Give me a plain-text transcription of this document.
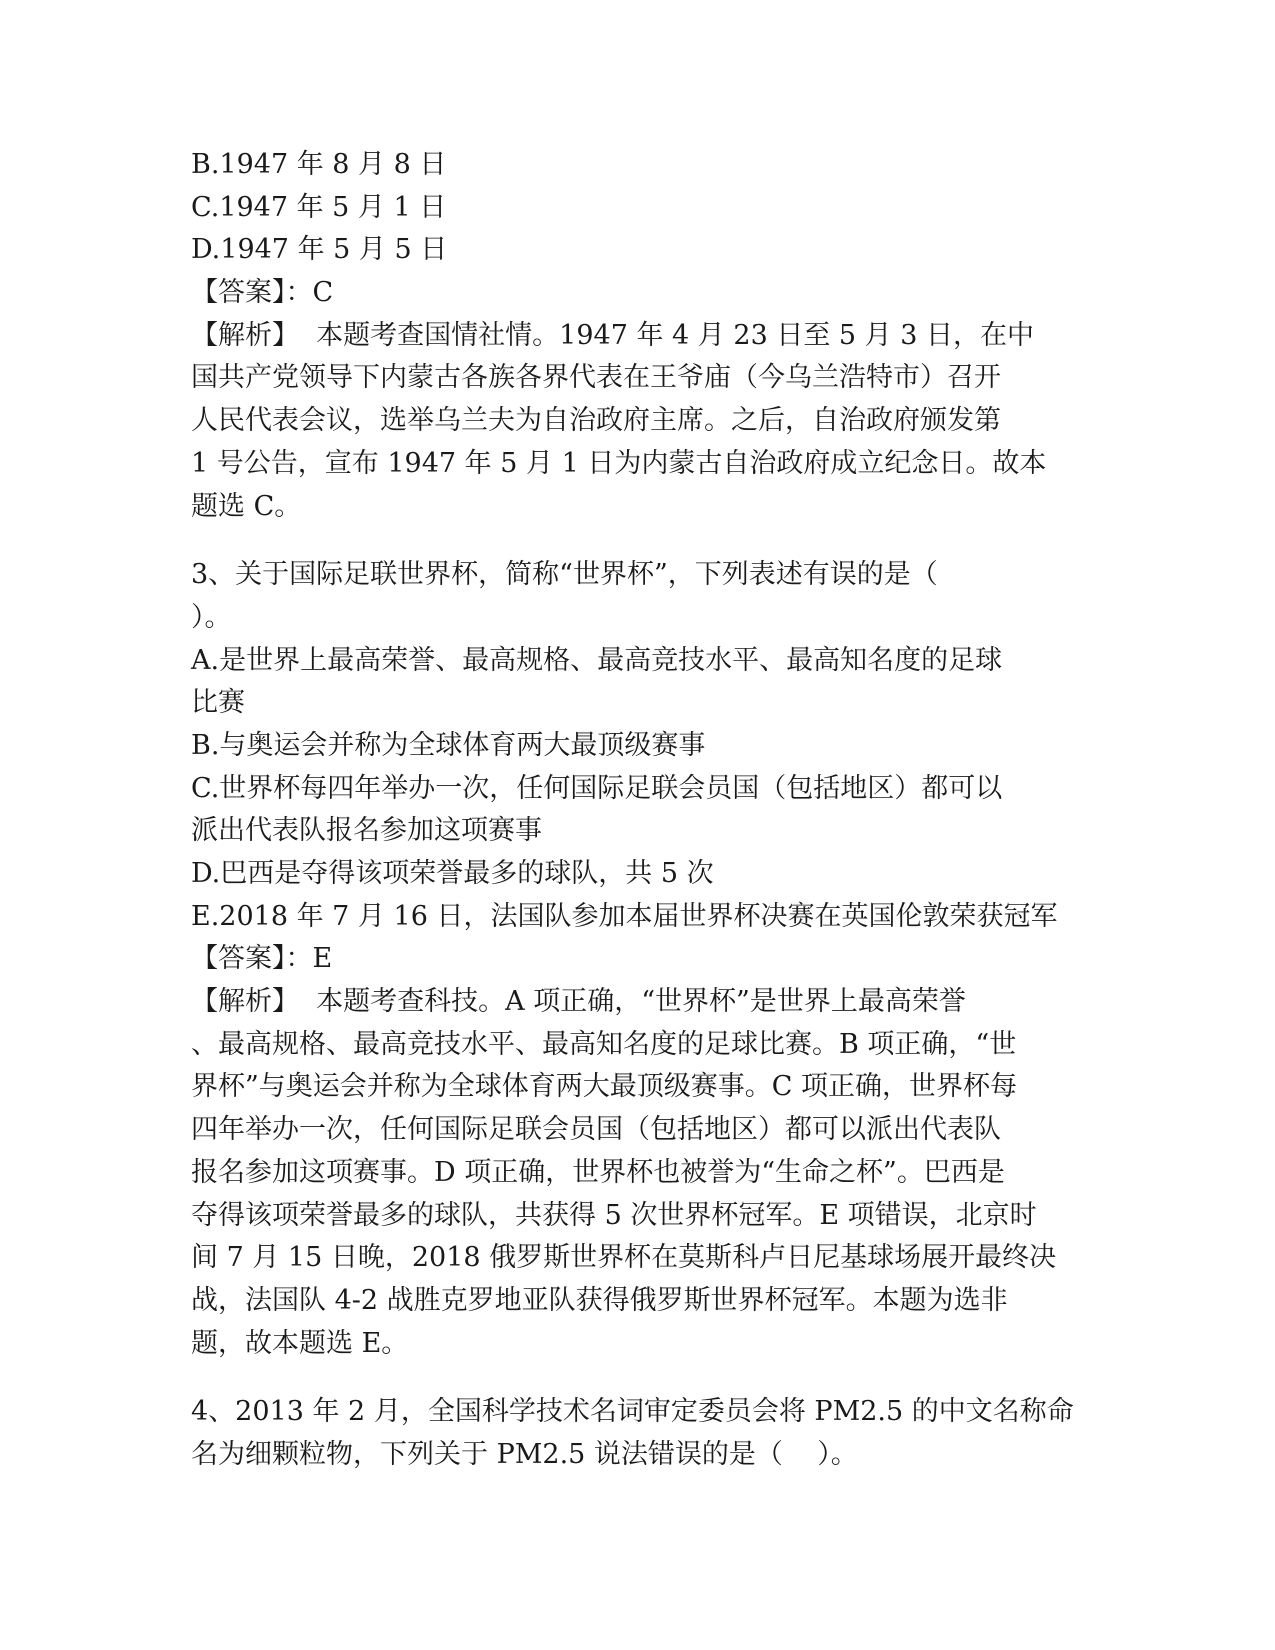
B.1947 年 8 月 8 日
C.1947 年 5 月 1 日
D.1947 年 5 月 5 日
【答案】：C
【解析】  本题考查国情社情。1947 年 4 月 23 日至 5 月 3 日，在中
国共产党领导下内蒙古各族各界代表在王爷庙（今乌兰浩特市）召开
人民代表会议，选举乌兰夫为自治政府主席。之后，自治政府颁发第
1 号公告，宣布 1947 年 5 月 1 日为内蒙古自治政府成立纪念日。故本
题选 C。
3、关于国际足联世界杯，简称“世界杯”，下列表述有误的是（
）。
A.是世界上最高荣誉、最高规格、最高竞技水平、最高知名度的足球
比赛
B.与奥运会并称为全球体育两大最顶级赛事
C.世界杯每四年举办一次，任何国际足联会员国（包括地区）都可以
派出代表队报名参加这项赛事
D.巴西是夺得该项荣誉最多的球队，共 5 次
E.2018 年 7 月 16 日，法国队参加本届世界杯决赛在英国伦敦荣获冠军
【答案】：E
【解析】  本题考查科技。A 项正确，“世界杯”是世界上最高荣誉
、最高规格、最高竞技水平、最高知名度的足球比赛。B 项正确，“世
界杯”与奥运会并称为全球体育两大最顶级赛事。C 项正确，世界杯每
四年举办一次，任何国际足联会员国（包括地区）都可以派出代表队
报名参加这项赛事。D 项正确，世界杯也被誉为“生命之杯”。巴西是
夺得该项荣誉最多的球队，共获得 5 次世界杯冠军。E 项错误，北京时
间 7 月 15 日晚，2018 俄罗斯世界杯在莫斯科卢日尼基球场展开最终决
战，法国队 4-2 战胜克罗地亚队获得俄罗斯世界杯冠军。本题为选非
题，故本题选 E。
4、2013 年 2 月，全国科学技术名词审定委员会将 PM2.5 的中文名称命
名为细颗粒物，下列关于 PM2.5 说法错误的是（    ）。
